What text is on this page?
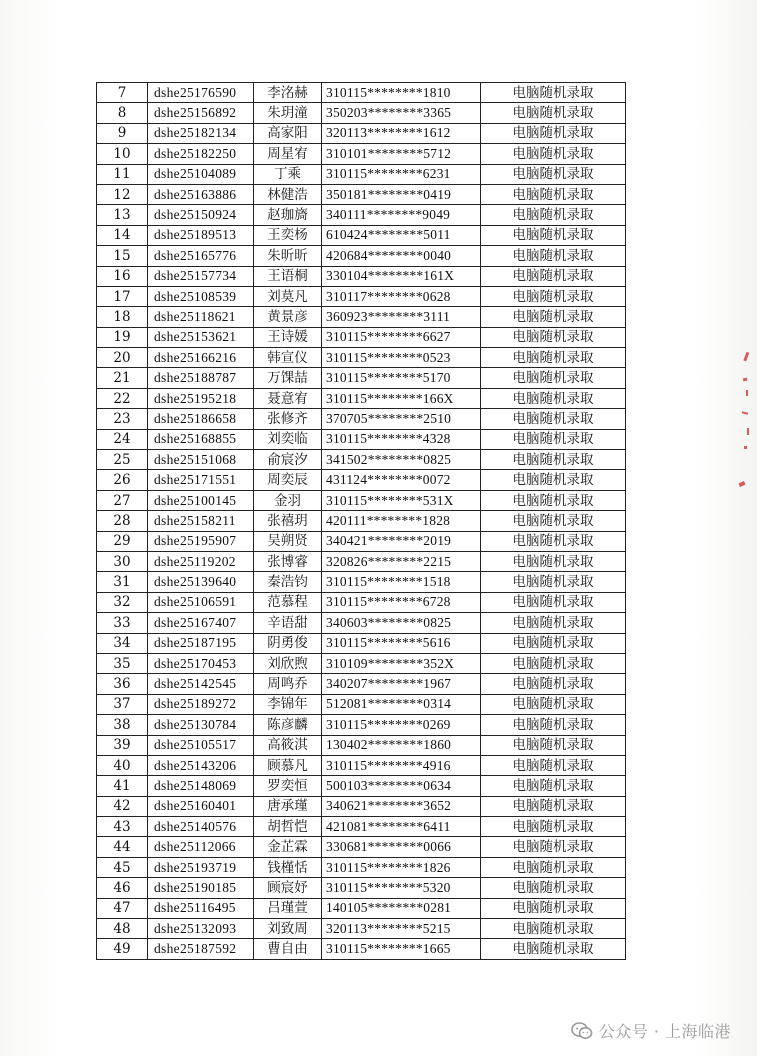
7	dshe25176590	李洺赫	310115********1810	电脑随机录取
8	dshe25156892	朱玥潼	350203********3365	电脑随机录取
9	dshe25182134	高家阳	320113********1612	电脑随机录取
10	dshe25182250	周星宥	310101********5712	电脑随机录取
11	dshe25104089	丁乘	310115********6231	电脑随机录取
12	dshe25163886	林健浩	350181********0419	电脑随机录取
13	dshe25150924	赵珈旖	340111********9049	电脑随机录取
14	dshe25189513	王奕杨	610424********5011	电脑随机录取
15	dshe25165776	朱昕昕	420684********0040	电脑随机录取
16	dshe25157734	王语桐	330104********161X	电脑随机录取
17	dshe25108539	刘莫凡	310117********0628	电脑随机录取
18	dshe25118621	黄景彦	360923********3111	电脑随机录取
19	dshe25153621	王诗媛	310115********6627	电脑随机录取
20	dshe25166216	韩宣仪	310115********0523	电脑随机录取
21	dshe25188787	万馃喆	310115********5170	电脑随机录取
22	dshe25195218	聂意宥	310115********166X	电脑随机录取
23	dshe25186658	张修齐	370705********2510	电脑随机录取
24	dshe25168855	刘奕临	310115********4328	电脑随机录取
25	dshe25151068	俞宸汐	341502********0825	电脑随机录取
26	dshe25171551	周奕辰	431124********0072	电脑随机录取
27	dshe25100145	金羽	310115********531X	电脑随机录取
28	dshe25158211	张禧玥	420111********1828	电脑随机录取
29	dshe25195907	吴朔贤	340421********2019	电脑随机录取
30	dshe25119202	张博睿	320826********2215	电脑随机录取
31	dshe25139640	秦浩钧	310115********1518	电脑随机录取
32	dshe25106591	范慕程	310115********6728	电脑随机录取
33	dshe25167407	辛语甜	340603********0825	电脑随机录取
34	dshe25187195	阴勇俊	310115********5616	电脑随机录取
35	dshe25170453	刘欣煦	310109********352X	电脑随机录取
36	dshe25142545	周鸣乔	340207********1967	电脑随机录取
37	dshe25189272	李锦年	512081********0314	电脑随机录取
38	dshe25130784	陈彦麟	310115********0269	电脑随机录取
39	dshe25105517	高筱淇	130402********1860	电脑随机录取
40	dshe25143206	顾慕凡	310115********4916	电脑随机录取
41	dshe25148069	罗奕恒	500103********0634	电脑随机录取
42	dshe25160401	唐承瑾	340621********3652	电脑随机录取
43	dshe25140576	胡哲恺	421081********6411	电脑随机录取
44	dshe25112066	金芷霖	330681********0066	电脑随机录取
45	dshe25193719	钱槿恬	310115********1826	电脑随机录取
46	dshe25190185	顾宸妤	310115********5320	电脑随机录取
47	dshe25116495	吕瑾萱	140105********0281	电脑随机录取
48	dshe25132093	刘致周	320113********5215	电脑随机录取
49	dshe25187592	曹自由	310115********1665	电脑随机录取
公众号 · 上海临港
